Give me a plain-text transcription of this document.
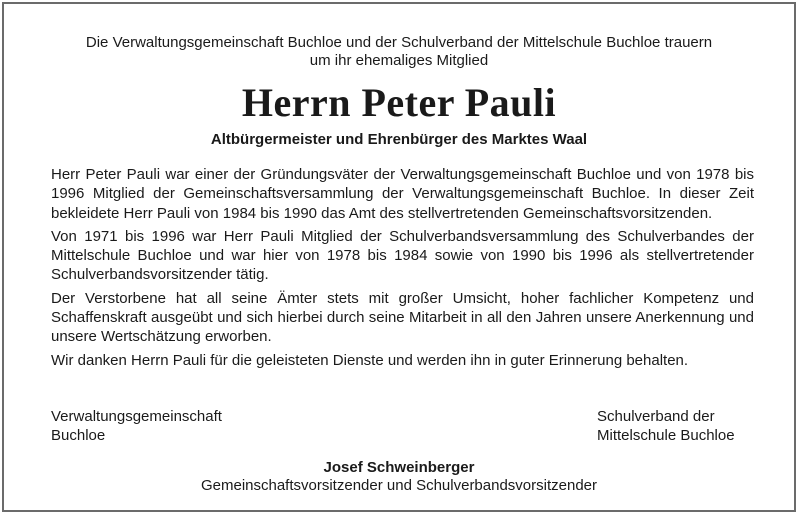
Die Verwaltungsgemeinschaft Buchloe und der Schulverband der Mittelschule Buchloe trauern
um ihr ehemaliges Mitglied
Herrn Peter Pauli
Altbürgermeister und Ehrenbürger des Marktes Waal

Herr Peter Pauli war einer der Gründungsväter der Verwaltungsgemeinschaft Buchloe und von 1978 bis 1996 Mitglied der Gemeinschaftsversammlung der Verwaltungsgemeinschaft Buchloe. In dieser Zeit bekleidete Herr Pauli von 1984 bis 1990 das Amt des stellvertretenden Gemeinschaftsvorsitzenden.

Von 1971 bis 1996 war Herr Pauli Mitglied der Schulverbandsversammlung des Schulverbandes der Mittelschule Buchloe und war hier von 1978 bis 1984 sowie von 1990 bis 1996 als stellvertretender Schulverbandsvorsitzender tätig.

Der Verstorbene hat all seine Ämter stets mit großer Umsicht, hoher fachlicher Kompetenz und Schaffenskraft ausgeübt und sich hierbei durch seine Mitarbeit in all den Jahren unsere Anerkennung und unsere Wertschätzung erworben.

Wir danken Herrn Pauli für die geleisteten Dienste und werden ihn in guter Erinnerung behalten.

Verwaltungsgemeinschaft
Buchloe
Schulverband der
Mittelschule Buchloe
Josef Schweinberger
Gemeinschaftsvorsitzender und Schulverbandsvorsitzender
